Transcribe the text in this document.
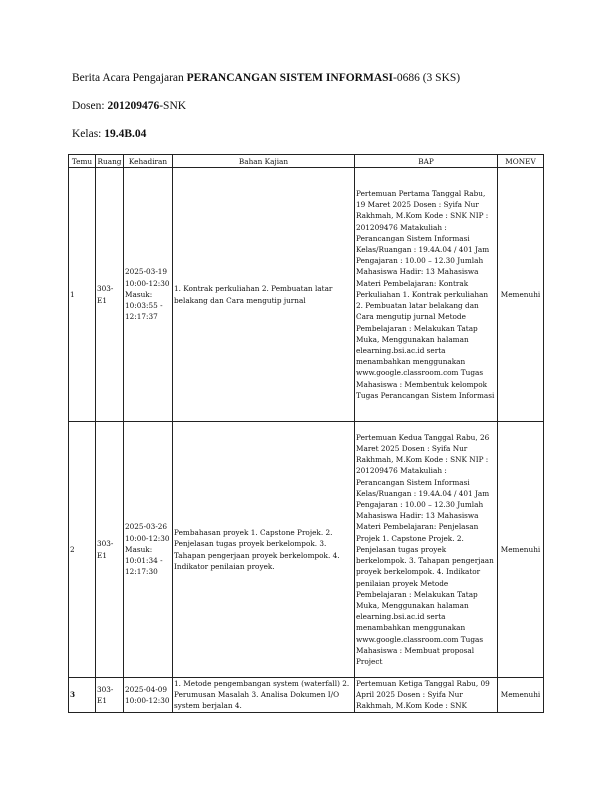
Berita Acara Pengajaran PERANCANGAN SISTEM INFORMASI-0686 (3 SKS)
Dosen: 201209476-SNK
Kelas: 19.4B.04
Temu	Ruang	Kehadiran	Bahan Kajian	BAP	MONEV
1	303-E1	2025-03-19 10:00-12:30 Masuk: 10:03:55 - 12:17:37	1. Kontrak perkuliahan 2. Pembuatan latar belakang dan Cara mengutip jurnal	Pertemuan Pertama Tanggal Rabu, 19 Maret 2025 Dosen : Syifa Nur Rakhmah, M.Kom Kode : SNK NIP : 201209476 Matakuliah : Perancangan Sistem Informasi Kelas/Ruangan : 19.4A.04 / 401 Jam Pengajaran : 10.00 – 12.30 Jumlah Mahasiswa Hadir: 13 Mahasiswa Materi Pembelajaran: Kontrak Perkuliahan 1. Kontrak perkuliahan 2. Pembuatan latar belakang dan Cara mengutip jurnal Metode Pembelajaran : Melakukan Tatap Muka, Menggunakan halaman elearning.bsi.ac.id serta menambahkan menggunakan www.google.classroom.com Tugas Mahasiswa : Membentuk kelompok Tugas Perancangan Sistem Informasi	Memenuhi
2	303-E1	2025-03-26 10:00-12:30 Masuk: 10:01:34 - 12:17:30	Pembahasan proyek 1. Capstone Projek. 2. Penjelasan tugas proyek berkelompok. 3. Tahapan pengerjaan proyek berkelompok. 4. Indikator penilaian proyek.	Pertemuan Kedua Tanggal Rabu, 26 Maret 2025 Dosen : Syifa Nur Rakhmah, M.Kom Kode : SNK NIP : 201209476 Matakuliah : Perancangan Sistem Informasi Kelas/Ruangan : 19.4A.04 / 401 Jam Pengajaran : 10.00 – 12.30 Jumlah Mahasiswa Hadir: 13 Mahasiswa Materi Pembelajaran: Penjelasan Projek 1. Capstone Projek. 2. Penjelasan tugas proyek berkelompok. 3. Tahapan pengerjaan proyek berkelompok. 4. Indikator penilaian proyek Metode Pembelajaran : Melakukan Tatap Muka, Menggunakan halaman elearning.bsi.ac.id serta menambahkan menggunakan www.google.classroom.com Tugas Mahasiswa : Membuat proposal Project	Memenuhi
3	303-E1	2025-04-09 10:00-12:30	1. Metode pengembangan system (waterfall) 2. Perumusan Masalah 3. Analisa Dokumen I/O system berjalan 4.	Pertemuan Ketiga Tanggal Rabu, 09 April 2025 Dosen : Syifa Nur Rakhmah, M.Kom Kode : SNK	Memenuhi
